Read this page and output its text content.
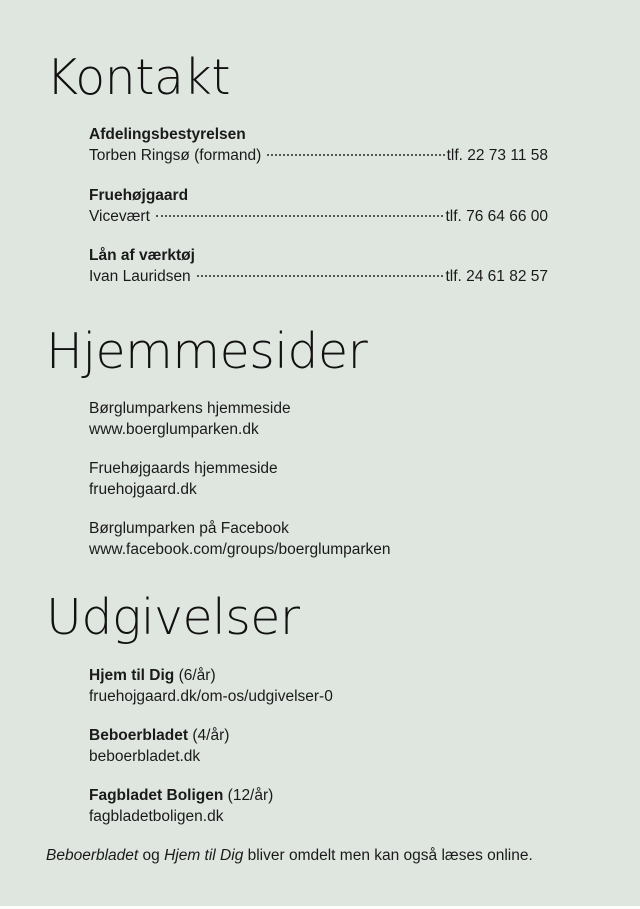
Kontakt
Afdelingsbestyrelsen
Torben Ringsø (formand)	tlf. 22 73 11 58
Fruehøjgaard
Vicevært	tlf. 76 64 66 00
Lån af værktøj
Ivan Lauridsen	tlf. 24 61 82 57
Hjemmesider
Børglumparkens hjemmeside
www.boerglumparken.dk
Fruehøjgaards hjemmeside
fruehojgaard.dk
Børglumparken på Facebook
www.facebook.com/groups/boerglumparken
Udgivelser
Hjem til Dig (6/år)
fruehojgaard.dk/om-os/udgivelser-0
Beboerbladet (4/år)
beboerbladet.dk
Fagbladet Boligen (12/år)
fagbladetboligen.dk
Beboerbladet og Hjem til Dig bliver omdelt men kan også læses online.
